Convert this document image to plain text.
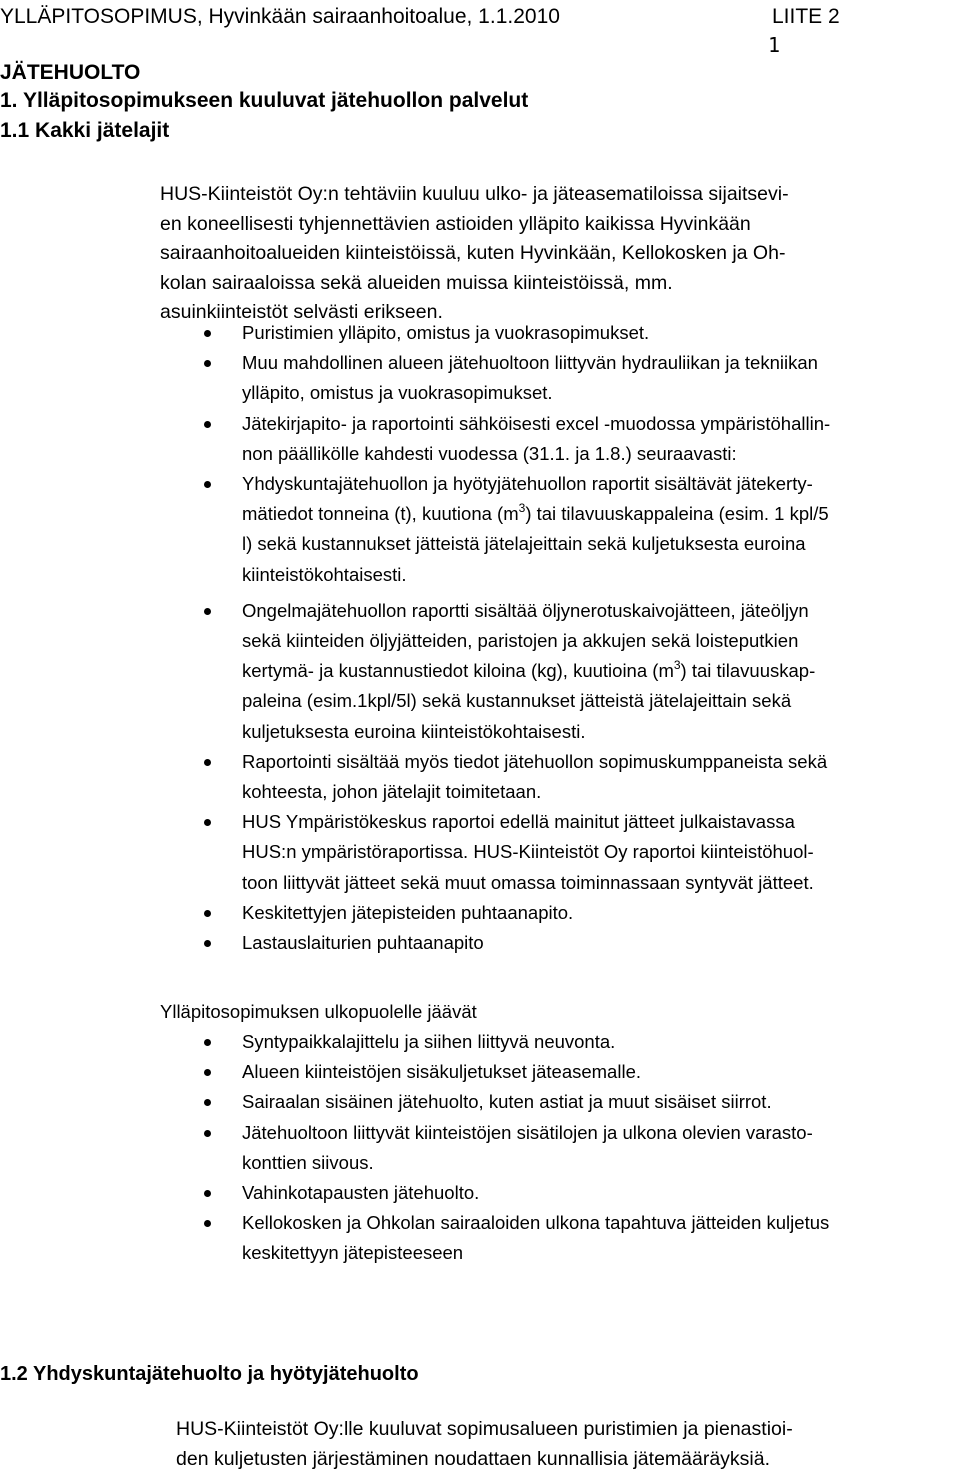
YLLÄPITOSOPIMUS, Hyvinkään sairaanhoitoalue, 1.1.2010	LIITE 2
1
JÄTEHUOLTO
1. Ylläpitosopimukseen kuuluvat jätehuollon palvelut
1.1 Kakki jätelajit

HUS-Kiinteistöt Oy:n tehtäviin kuuluu ulko- ja jäteasematiloissa sijaitsevi-

en koneellisesti tyhjennettävien astioiden ylläpito kaikissa Hyvinkään

sairaanhoitoalueiden kiinteistöissä, kuten Hyvinkään, Kellokosken ja Oh-

kolan sairaaloissa sekä alueiden muissa kiinteistöissä, mm.

asuinkiinteistöt selvästi erikseen.

Puristimien ylläpito, omistus ja vuokrasopimukset.
Muu mahdollinen alueen jätehuoltoon liittyvän hydrauliikan ja tekniikan
ylläpito, omistus ja vuokrasopimukset.
Jätekirjapito- ja raportointi sähköisesti excel -muodossa ympäristöhallin-
non päällikölle kahdesti vuodessa (31.1. ja 1.8.) seuraavasti:
Yhdyskuntajätehuollon ja hyötyjätehuollon raportit sisältävät jätekerty-
mätiedot tonneina (t), kuutiona $(m^3)$ tai tilavuuskappaleina (esim. 1 kpl/5
l) sekä kustannukset jätteistä jätelajeittain sekä kuljetuksesta euroina
kiinteistökohtaisesti.
Ongelmajätehuollon raportti sisältää öljynerotuskaivojätteen, jäteöljyn
sekä kiinteiden öljyjätteiden, paristojen ja akkujen sekä loisteputkien
kertymä- ja kustannustiedot kiloina (kg), kuutioina $(m^3)$ tai tilavuuskap-
paleina (esim.1kpl/5l) sekä kustannukset jätteistä jätelajeittain sekä
kuljetuksesta euroina kiinteistökohtaisesti.
Raportointi sisältää myös tiedot jätehuollon sopimuskumppaneista sekä
kohteesta, johon jätelajit toimitetaan.
HUS Ympäristökeskus raportoi edellä mainitut jätteet julkaistavassa
HUS:n ympäristöraportissa. HUS-Kiinteistöt Oy raportoi kiinteistöhuol-
toon liittyvät jätteet sekä muut omassa toiminnassaan syntyvät jätteet.
Keskitettyjen jätepisteiden puhtaanapito.
Lastauslaiturien puhtaanapito
Ylläpitosopimuksen ulkopuolelle jäävät
Syntypaikkalajittelu ja siihen liittyvä neuvonta.
Alueen kiinteistöjen sisäkuljetukset jäteasemalle.
Sairaalan sisäinen jätehuolto, kuten astiat ja muut sisäiset siirrot.
Jätehuoltoon liittyvät kiinteistöjen sisätilojen ja ulkona olevien varasto-
konttien siivous.
Vahinkotapausten jätehuolto.
Kellokosken ja Ohkolan sairaaloiden ulkona tapahtuva jätteiden kuljetus
keskitettyyn jätepisteeseen
1.2 Yhdyskuntajätehuolto ja hyötyjätehuolto

HUS-Kiinteistöt Oy:lle kuuluvat sopimusalueen puristimien ja pienastioi-

den kuljetusten järjestäminen noudattaen kunnallisia jätemääräyksiä.
